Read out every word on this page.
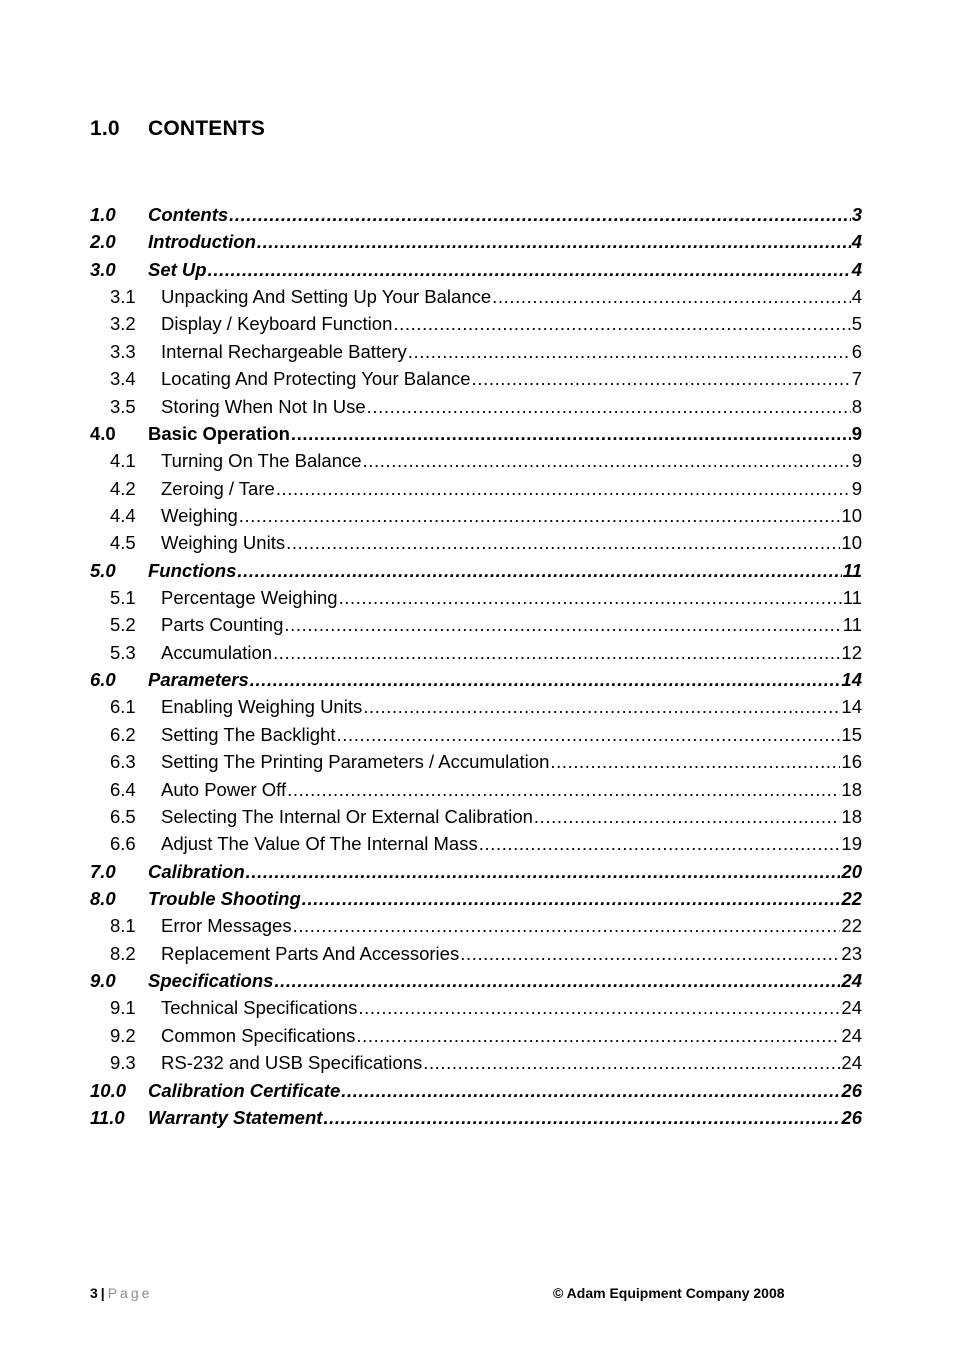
1.0 CONTENTS
1.0	Contents .....	3
2.0	Introduction .....	4
3.0	Set Up .....	4
3.1	Unpacking And Setting Up Your Balance .....	4
3.2	Display / Keyboard Function .....	5
3.3	Internal Rechargeable Battery .....	6
3.4	Locating And Protecting Your Balance .....	7
3.5	Storing When Not In Use .....	8
4.0	Basic Operation .....	9
4.1	Turning On The Balance .....	9
4.2	Zeroing / Tare .....	9
4.4	Weighing .....	10
4.5	Weighing Units .....	10
5.0	Functions .....	11
5.1	Percentage Weighing .....	11
5.2	Parts Counting .....	11
5.3	Accumulation .....	12
6.0	Parameters .....	14
6.1	Enabling Weighing Units .....	14
6.2	Setting The Backlight .....	15
6.3	Setting The Printing Parameters / Accumulation .....	16
6.4	Auto Power Off .....	18
6.5	Selecting The Internal Or External Calibration .....	18
6.6	Adjust The Value Of The Internal Mass .....	19
7.0	Calibration .....	20
8.0	Trouble Shooting .....	22
8.1	Error Messages .....	22
8.2	Replacement Parts And Accessories .....	23
9.0	Specifications .....	24
9.1	Technical Specifications .....	24
9.2	Common Specifications .....	24
9.3	RS-232 and USB Specifications .....	24
10.0	Calibration Certificate .....	26
11.0	Warranty Statement .....	26
3 | Page	© Adam Equipment Company 2008
